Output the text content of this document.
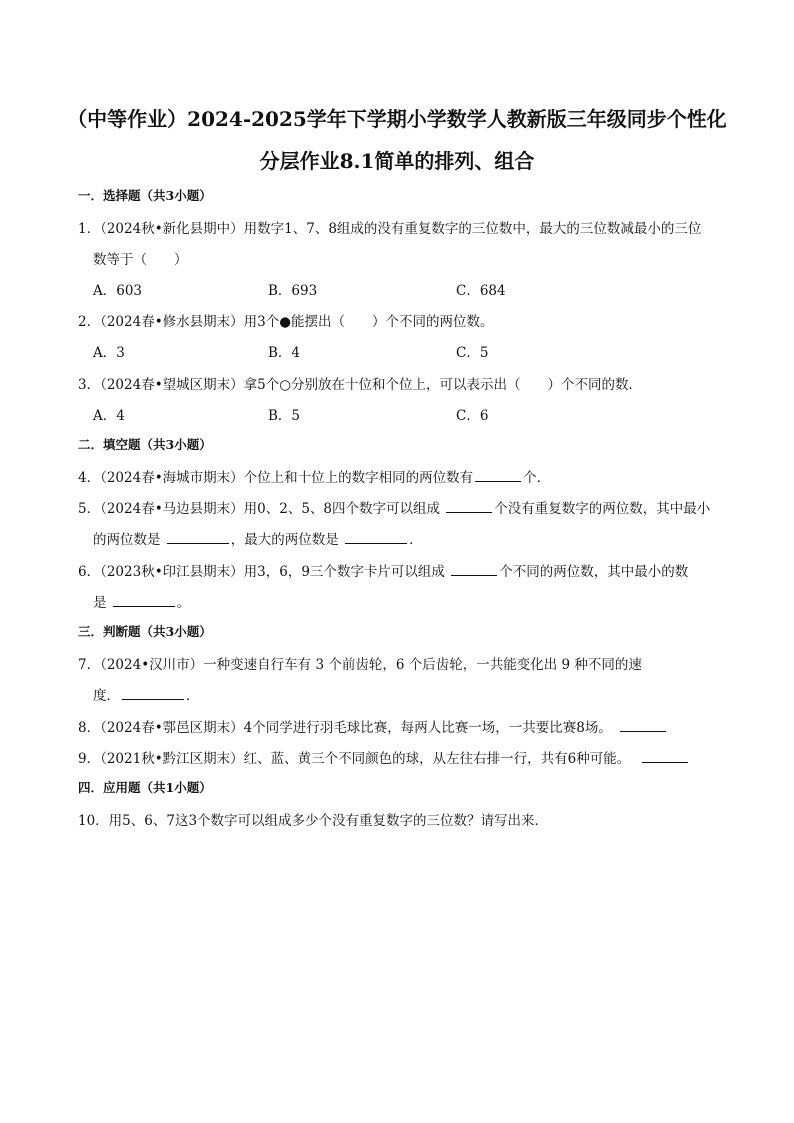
（中等作业）2024-2025学年下学期小学数学人教新版三年级同步个性化
分层作业8.1简单的排列、组合
一．选择题（共3小题）
1．（2024秋•新化县期中）用数字1、7、8组成的没有重复数字的三位数中，最大的三位数减最小的三位
数等于（　　）
A．603	B．693	C．684
2．（2024春•修水县期末）用3个●能摆出（　　）个不同的两位数。
A．3	B．4	C．5
3．（2024春•望城区期末）拿5个○分别放在十位和个位上，可以表示出（　　）个不同的数．
A．4	B．5	C．6
二．填空题（共3小题）
4．（2024春•海城市期末）个位上和十位上的数字相同的两位数有	个．
5．（2024春•马边县期末）用0、2、5、8四个数字可以组成	个没有重复数字的两位数，其中最小
的两位数是	，最大的两位数是	．
6．（2023秋•印江县期末）用3，6，9三个数字卡片可以组成	个不同的两位数，其中最小的数
是	。
三．判断题（共3小题）
7．（2024•汉川市）一种变速自行车有 3 个前齿轮，6 个后齿轮，一共能变化出 9 种不同的速
度．	．
8．（2024春•鄠邑区期末）4个同学进行羽毛球比赛，每两人比赛一场，一共要比赛8场。
9．（2021秋•黔江区期末）红、蓝、黄三个不同颜色的球，从左往右排一行，共有6种可能。
四．应用题（共1小题）
10．用5、6、7这3个数字可以组成多少个没有重复数字的三位数？请写出来．
